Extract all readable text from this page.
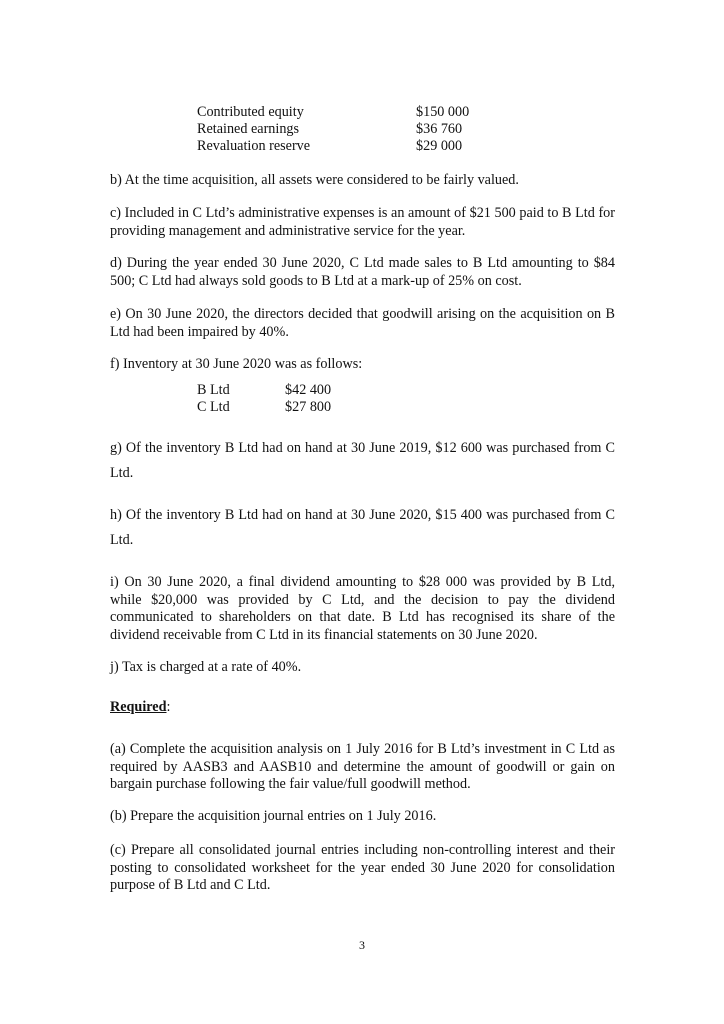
Contributed equity	$150 000
Retained earnings	$36 760
Revaluation reserve	$29 000
b) At the time acquisition, all assets were considered to be fairly valued.
c) Included in C Ltd’s administrative expenses is an amount of $21 500 paid to B Ltd for providing management and administrative service for the year.
d) During the year ended 30 June 2020, C Ltd made sales to B Ltd amounting to $84 500; C Ltd had always sold goods to B Ltd at a mark-up of 25% on cost.
e) On 30 June 2020, the directors decided that goodwill arising on the acquisition on B Ltd had been impaired by 40%.
f) Inventory at 30 June 2020 was as follows:
B Ltd	$42 400
C Ltd	$27 800
g) Of the inventory B Ltd had on hand at 30 June 2019, $12 600 was purchased from C Ltd.
h) Of the inventory B Ltd had on hand at 30 June 2020, $15 400 was purchased from C Ltd.
i) On 30 June 2020, a final dividend amounting to $28 000 was provided by B Ltd, while $20,000 was provided by C Ltd, and the decision to pay the dividend communicated to shareholders on that date. B Ltd has recognised its share of the dividend receivable from C Ltd in its financial statements on 30 June 2020.
j) Tax is charged at a rate of 40%.
Required:
(a) Complete the acquisition analysis on 1 July 2016 for B Ltd’s investment in C Ltd as required by AASB3 and AASB10 and determine the amount of goodwill or gain on bargain purchase following the fair value/full goodwill method.
(b) Prepare the acquisition journal entries on 1 July 2016.
(c) Prepare all consolidated journal entries including non-controlling interest and their posting to consolidated worksheet for the year ended 30 June 2020 for consolidation purpose of B Ltd and C Ltd.
3
